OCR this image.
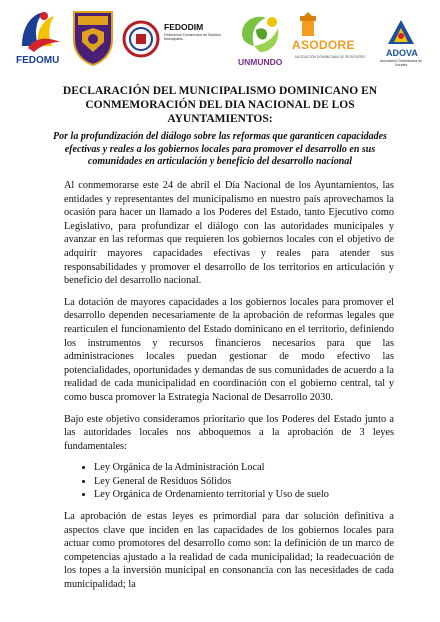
FEDOMU
FEDODIM
Federación Dominicana de Distritos Municipales
UNMUNDO
ASODORE
ASOCIACIÓN DOMINICANA DE REGIDORES ADOVA
Asociación Dominicana de Vocales
DECLARACIÓN DEL MUNICIPALISMO DOMINICANO EN CONMEMORACIÓN DEL DIA NACIONAL DE LOS AYUNTAMIENTOS:
Por la profundización del diálogo sobre las reformas que garanticen capacidades efectivas y reales a los gobiernos locales para promover el desarrollo en sus comunidades en articulación y beneficio del desarrollo nacional

Al conmemorarse este 24 de abril el Día Nacional de los Ayuntamientos, las entidades y representantes del municipalismo en nuestro país aprovechamos la ocasión para hacer un llamado a los Poderes del Estado, tanto Ejecutivo como Legislativo, para profundizar el diálogo con las autoridades municipales y avanzar en las reformas que requieren los gobiernos locales con el objetivo de adquirir mayores capacidades efectivas y reales para atender sus responsabilidades y promover el desarrollo de los territorios en articulación y beneficio del desarrollo nacional.

La dotación de mayores capacidades a los gobiernos locales para promover el desarrollo dependen necesariamente de la aprobación de reformas legales que rearticulen el funcionamiento del Estado dominicano en el territorio, definiendo los instrumentos y recursos financieros necesarios para que las administraciones locales puedan gestionar de modo efectivo las potencialidades, oportunidades y demandas de sus comunidades de acuerdo a la realidad de cada municipalidad en coordinación con el gobierno central, tal y como busca promover la Estrategia Nacional de Desarrollo 2030.

Bajo este objetivo consideramos prioritario que los Poderes del Estado junto a las autoridades locales nos abboquemos a la aprobación de 3 leyes fundamentales:

• Ley Orgánica de la Administración Local
• Ley General de Residuos Sólidos
• Ley Orgánica de Ordenamiento territorial y Uso de suelo

La aprobación de estas leyes es primordial para dar solución definitiva a aspectos clave que inciden en las capacidades de los gobiernos locales para actuar como promotores del desarrollo como son: la definición de un marco de competencias ajustado a la realidad de cada municipalidad; la readecuación de los topes a la inversión municipal en consonancia con las necesidades de cada municipalidad; la
